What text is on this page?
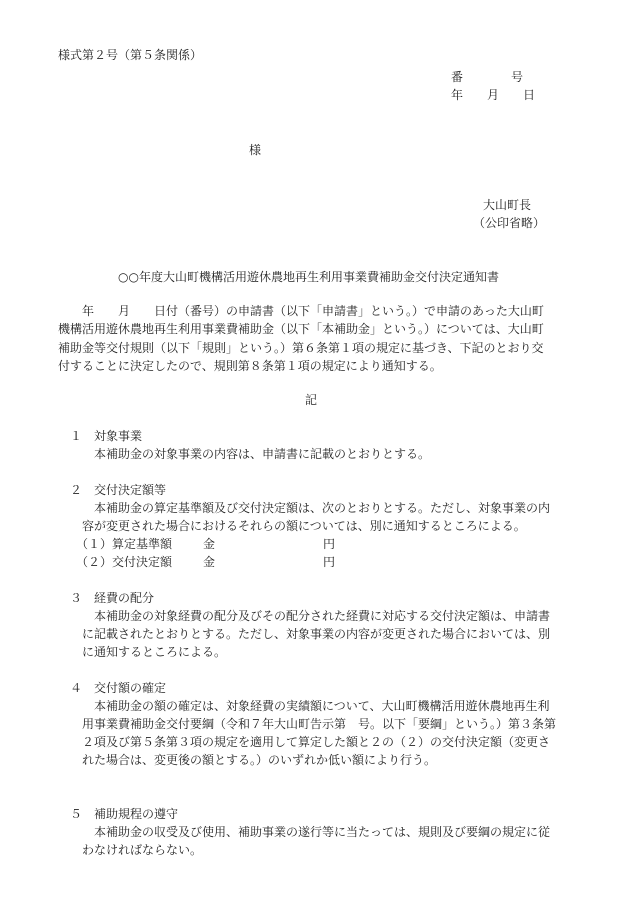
様式第２号（第５条関係）
番　　　　号
年　　月　　日
様
大山町長
（公印省略）
○○年度大山町機構活用遊休農地再生利用事業費補助金交付決定通知書
　年　　月　　日付（番号）の申請書（以下「申請書」という。）で申請のあった大山町
機構活用遊休農地再生利用事業費補助金（以下「本補助金」という。）については、大山町
補助金等交付規則（以下「規則」という。）第６条第１項の規定に基づき、下記のとおり交
付することに決定したので、規則第８条第１項の規定により通知する。
記
１　対象事業
本補助金の対象事業の内容は、申請書に記載のとおりとする。
２　交付決定額等
本補助金の算定基準額及び交付決定額は、次のとおりとする。ただし、対象事業の内
容が変更された場合におけるそれらの額については、別に通知するところによる。
（１）算定基準額	金	円
（２）交付決定額	金	円
３　経費の配分
本補助金の対象経費の配分及びその配分された経費に対応する交付決定額は、申請書
に記載されたとおりとする。ただし、対象事業の内容が変更された場合においては、別
に通知するところによる。
４　交付額の確定
本補助金の額の確定は、対象経費の実績額について、大山町機構活用遊休農地再生利
用事業費補助金交付要綱（令和７年大山町告示第　号。以下「要綱」という。）第３条第
２項及び第５条第３項の規定を適用して算定した額と２の（２）の交付決定額（変更さ
れた場合は、変更後の額とする。）のいずれか低い額により行う。
５　補助規程の遵守
本補助金の収受及び使用、補助事業の遂行等に当たっては、規則及び要綱の規定に従
わなければならない。
